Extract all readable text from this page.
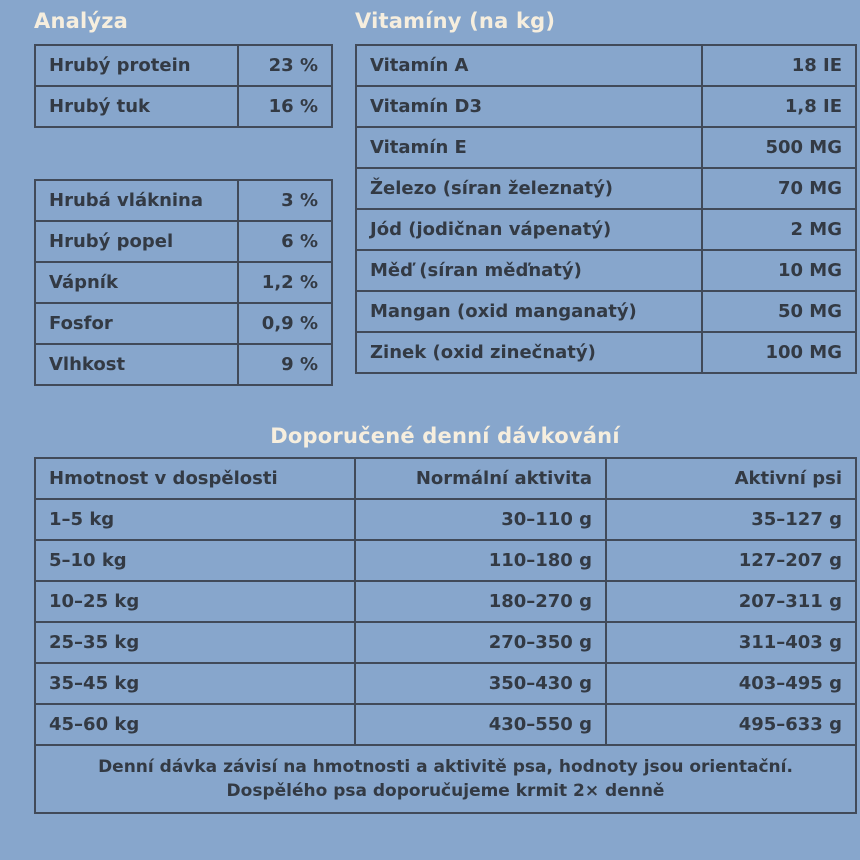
Analýza	Vitamíny (na kg)
Doporučené denní dávkování
Hrubý protein	23 %
Hrubý tuk	16 %
Hrubá vláknina	3 %
Hrubý popel	6 %
Vápník	1,2 %
Fosfor	0,9 %
Vlhkost	9 %
Vitamín A	18 IE
Vitamín D3	1,8 IE
Vitamín E	500 MG
Železo (síran železnatý)	70 MG
Jód (jodičnan vápenatý)	2 MG
Měď (síran měďnatý)	10 MG
Mangan (oxid manganatý)	50 MG
Zinek (oxid zinečnatý)	100 MG
Hmotnost v dospělosti	Normální aktivita	Aktivní psi
1–5 kg	30–110 g	35–127 g
5–10 kg	110–180 g	127–207 g
10–25 kg	180–270 g	207–311 g
25–35 kg	270–350 g	311–403 g
35–45 kg	350–430 g	403–495 g
45–60 kg	430–550 g	495–633 g

Denní dávka závisí na hmotnosti a aktivitě psa, hodnoty jsou orientační.
Dospělého psa doporučujeme krmit 2× denně		
